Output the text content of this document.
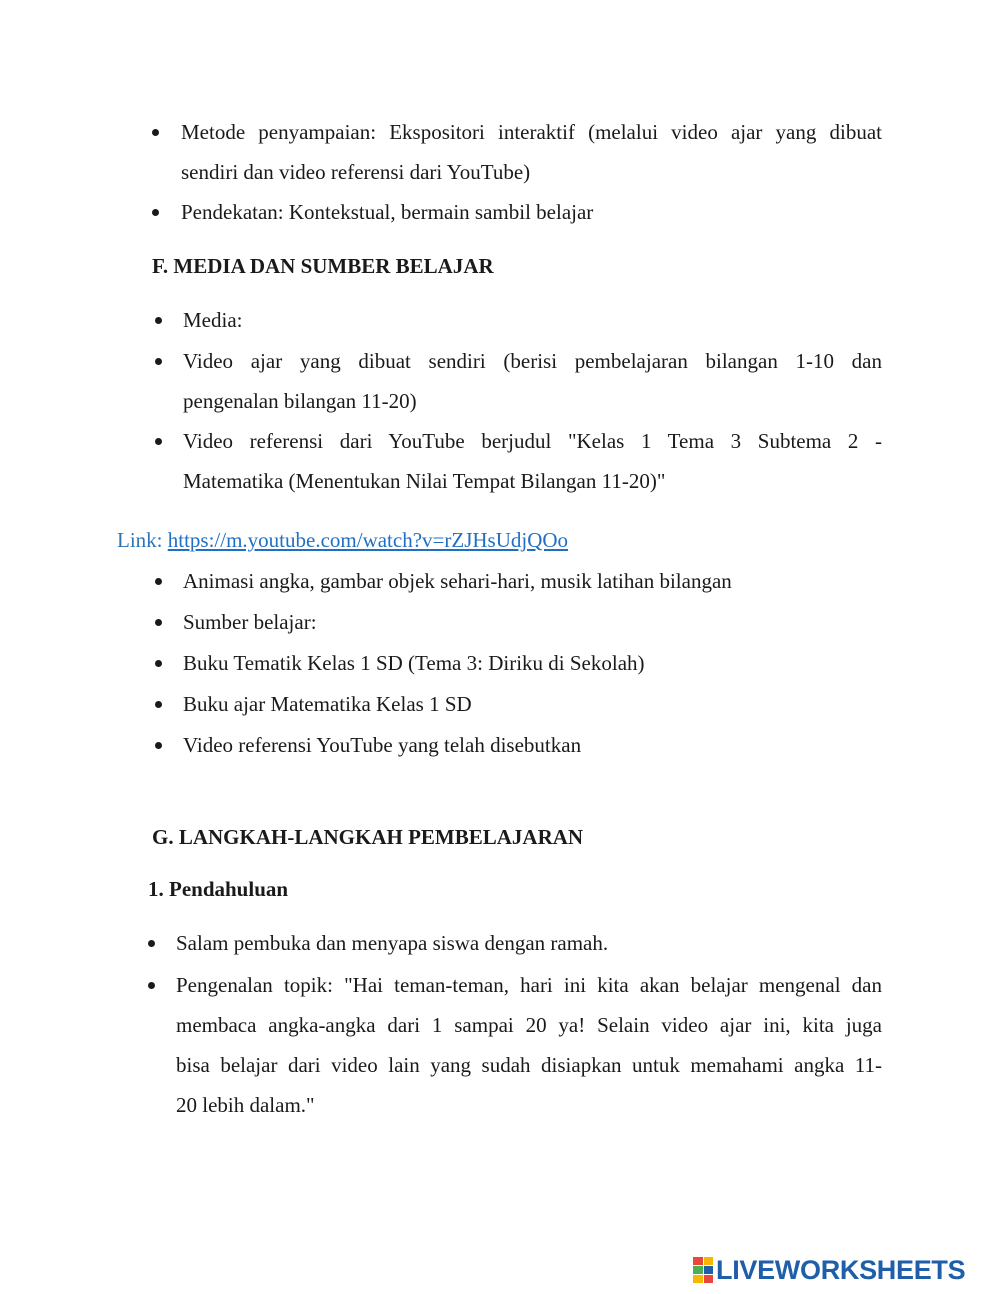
Metode penyampaian: Ekspositori interaktif (melalui video ajar yang dibuat
sendiri dan video referensi dari YouTube)
Pendekatan: Kontekstual, bermain sambil belajar
F. MEDIA DAN SUMBER BELAJAR
Media:
Video ajar yang dibuat sendiri (berisi pembelajaran bilangan 1-10 dan
pengenalan bilangan 11-20)
Video referensi dari YouTube berjudul "Kelas 1 Tema 3 Subtema 2 -
Matematika (Menentukan Nilai Tempat Bilangan 11-20)"
Link: https://m.youtube.com/watch?v=rZJHsUdjQOo
Animasi angka, gambar objek sehari-hari, musik latihan bilangan
Sumber belajar:
Buku Tematik Kelas 1 SD (Tema 3: Diriku di Sekolah)
Buku ajar Matematika Kelas 1 SD
Video referensi YouTube yang telah disebutkan
G. LANGKAH-LANGKAH PEMBELAJARAN
1. Pendahuluan
Salam pembuka dan menyapa siswa dengan ramah.
Pengenalan topik: "Hai teman-teman, hari ini kita akan belajar mengenal dan
membaca angka-angka dari 1 sampai 20 ya! Selain video ajar ini, kita juga
bisa belajar dari video lain yang sudah disiapkan untuk memahami angka 11-
20 lebih dalam."
LIVEWORKSHEETS
